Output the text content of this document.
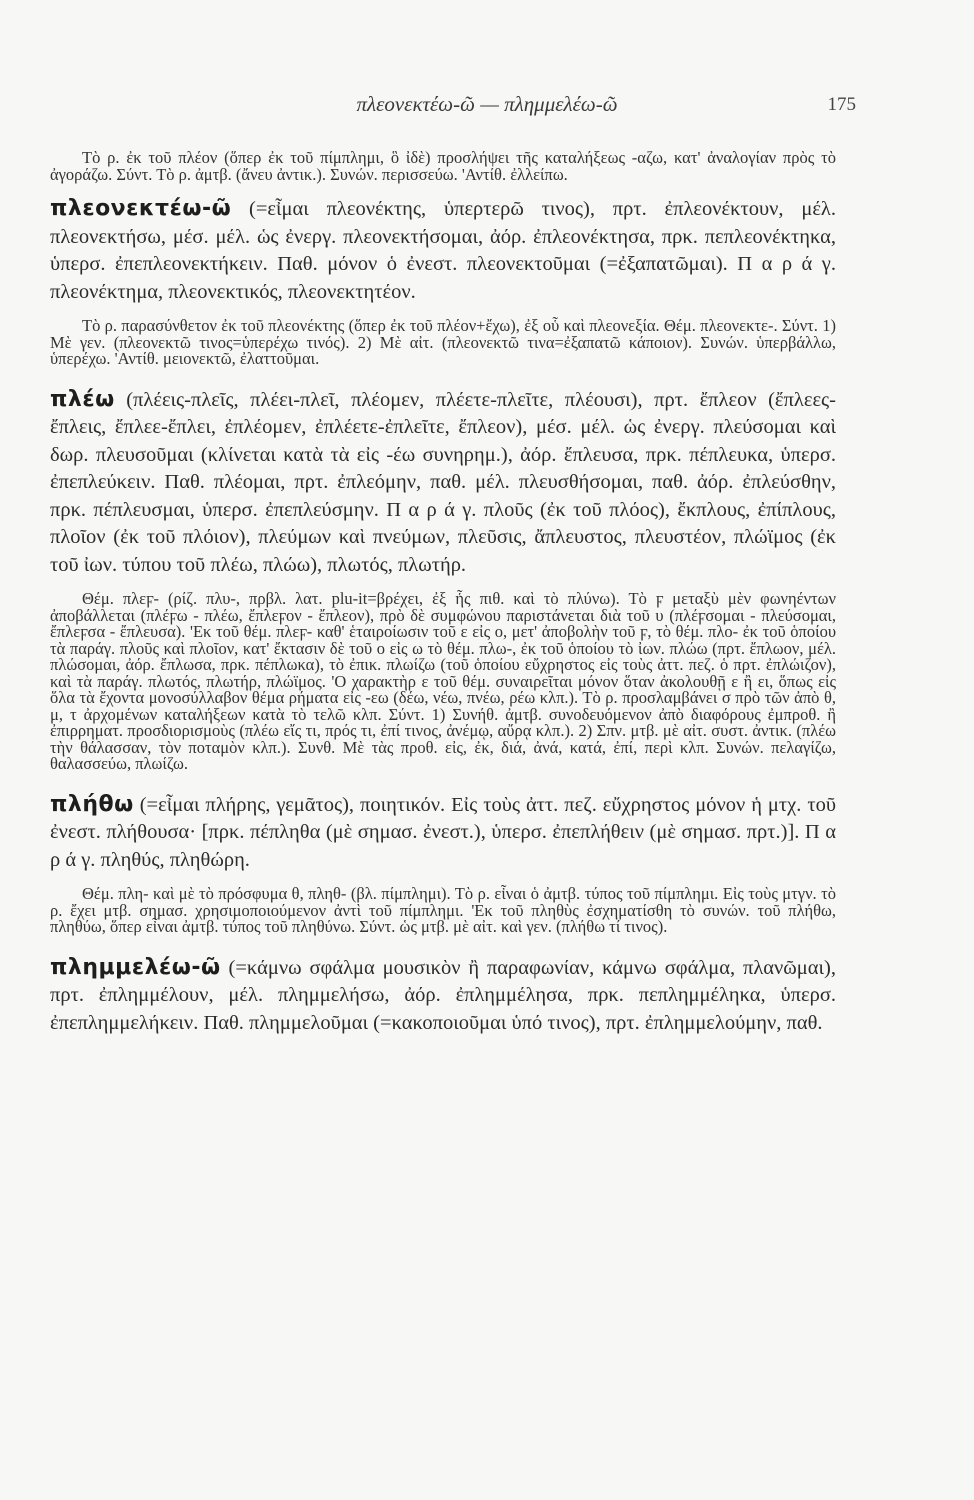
πλεονεκτέω-ῶ — πλημμελέω-ῶ	175

Τὸ ρ. ἐκ τοῦ πλέον (ὅπερ ἐκ τοῦ πίμπλημι, ὃ ἰδὲ) προσλήψει τῆς καταλήξεως -αζω, κατ' ἀναλογίαν πρὸς τὸ ἀγοράζω. Σύντ. Τὸ ρ. ἀμτβ. (ἄνευ ἀντικ.). Συνών. περισσεύω. 'Αντίθ. ἐλλείπω.

πλεονεκτέω-ῶ (=εἶμαι πλεονέκτης, ὑπερτερῶ τινος), πρτ. ἐπλεονέκτουν, μέλ. πλεονεκτήσω, μέσ. μέλ. ὡς ἐνεργ. πλεονεκτήσομαι, ἀόρ. ἐπλεονέκτησα, πρκ. πεπλεονέκτηκα, ὑπερσ. ἐπεπλεονεκτήκειν. Παθ. μόνον ὁ ἐνεστ. πλεονεκτοῦμαι (=ἐξαπατῶμαι). Π α ρ ά γ. πλεονέκτημα, πλεονεκτικός, πλεονεκτητέον.

Τὸ ρ. παρασύνθετον ἐκ τοῦ πλεονέκτης (ὅπερ ἐκ τοῦ πλέον+ἔχω), ἐξ οὗ καὶ πλεονεξία. Θέμ. πλεονεκτε-. Σύντ. 1) Μὲ γεν. (πλεονεκτῶ τινος=ὑπερέχω τινός). 2) Μὲ αἰτ. (πλεονεκτῶ τινα=ἐξαπατῶ κάποιον). Συνών. ὑπερβάλλω, ὑπερέχω. 'Αντίθ. μειονεκτῶ, ἐλαττοῦμαι.

πλέω (πλέεις-πλεῖς, πλέει-πλεῖ, πλέομεν, πλέετε-πλεῖτε, πλέουσι), πρτ. ἔπλεον (ἔπλεες-ἔπλεις, ἔπλεε-ἔπλει, ἐπλέομεν, ἐπλέετε-ἐπλεῖτε, ἔπλεον), μέσ. μέλ. ὡς ἐνεργ. πλεύσομαι καὶ δωρ. πλευσοῦμαι (κλίνεται κατὰ τὰ εἰς -έω συνηρημ.), ἀόρ. ἔπλευσα, πρκ. πέπλευκα, ὑπερσ. ἐπεπλεύκειν. Παθ. πλέομαι, πρτ. ἐπλεόμην, παθ. μέλ. πλευσθήσομαι, παθ. ἀόρ. ἐπλεύσθην, πρκ. πέπλευσμαι, ὑπερσ. ἐπεπλεύσμην. Π α ρ ά γ. πλοῦς (ἐκ τοῦ πλόος), ἔκπλους, ἐπίπλους, πλοῖον (ἐκ τοῦ πλόιον), πλεύμων καὶ πνεύμων, πλεῦσις, ἄπλευστος, πλευστέον, πλώϊμος (ἐκ τοῦ ἰων. τύπου τοῦ πλέω, πλώω), πλωτός, πλωτήρ.

Θέμ. πλεϝ- (ρίζ. πλυ-, πρβλ. λατ. plu-it=βρέχει, ἐξ ἧς πιθ. καὶ τὸ πλύνω). Τὸ ϝ μεταξὺ μὲν φωνηέντων ἀποβάλλεται (πλέϝω - πλέω, ἔπλεϝον - ἔπλεον), πρὸ δὲ συμφώνου παριστάνεται διὰ τοῦ υ (πλέϝσομαι - πλεύσομαι, ἔπλεϝσα - ἔπλευσα). 'Εκ τοῦ θέμ. πλεϝ- καθ' ἑταιροίωσιν τοῦ ε εἰς ο, μετ' ἀποβολὴν τοῦ ϝ, τὸ θέμ. πλο- ἐκ τοῦ ὁποίου τὰ παράγ. πλοῦς καὶ πλοῖον, κατ' ἔκτασιν δὲ τοῦ ο εἰς ω τὸ θέμ. πλω-, ἐκ τοῦ ὁποίου τὸ ἰων. πλώω (πρτ. ἔπλωον, μέλ. πλώσομαι, ἀόρ. ἔπλωσα, πρκ. πέπλωκα), τὸ ἐπικ. πλωίζω (τοῦ ὁποίου εὔχρηστος εἰς τοὺς ἀττ. πεζ. ὁ πρτ. ἐπλώιζον), καὶ τὰ παράγ. πλωτός, πλωτήρ, πλώϊμος. 'Ο χαρακτὴρ ε τοῦ θέμ. συναιρεῖται μόνον ὅταν ἀκολουθῇ ε ἢ ει, ὅπως εἰς ὅλα τὰ ἔχοντα μονοσύλλαβον θέμα ρήματα εἰς -εω (δέω, νέω, πνέω, ρέω κλπ.). Τὸ ρ. προσλαμβάνει σ πρὸ τῶν ἀπὸ θ, μ, τ ἀρχομένων καταλήξεων κατὰ τὸ τελῶ κλπ. Σύντ. 1) Συνήθ. ἀμτβ. συνοδευόμενον ἀπὸ διαφόρους ἐμπροθ. ἢ ἐπιρρηματ. προσδιορισμοὺς (πλέω εἴς τι, πρός τι, ἐπί τινος, ἀνέμῳ, αὔρᾳ κλπ.). 2) Σπν. μτβ. μὲ αἰτ. συστ. ἀντικ. (πλέω τὴν θάλασσαν, τὸν ποταμὸν κλπ.). Συνθ. Μὲ τὰς προθ. εἰς, ἐκ, διά, ἀνά, κατά, ἐπί, περὶ κλπ. Συνών. πελαγίζω, θαλασσεύω, πλωίζω.

πλήθω (=εἶμαι πλήρης, γεμᾶτος), ποιητικόν. Εἰς τοὺς ἀττ. πεζ. εὔχρηστος μόνον ἡ μτχ. τοῦ ἐνεστ. πλήθουσα· [πρκ. πέπληθα (μὲ σημασ. ἐνεστ.), ὑπερσ. ἐπεπλήθειν (μὲ σημασ. πρτ.)]. Π α ρ ά γ. πληθύς, πληθώρη.

Θέμ. πλη- καὶ μὲ τὸ πρόσφυμα θ, πληθ- (βλ. πίμπλημι). Τὸ ρ. εἶναι ὁ ἀμτβ. τύπος τοῦ πίμπλημι. Εἰς τοὺς μτγν. τὸ ρ. ἔχει μτβ. σημασ. χρησιμοποιούμενον ἀντὶ τοῦ πίμπλημι. 'Εκ τοῦ πληθὺς ἐσχηματίσθη τὸ συνών. τοῦ πλήθω, πληθύω, ὅπερ εἶναι ἀμτβ. τύπος τοῦ πληθύνω. Σύντ. ὡς μτβ. μὲ αἰτ. καὶ γεν. (πλήθω τί τινος).

πλημμελέω-ῶ (=κάμνω σφάλμα μουσικὸν ἢ παραφωνίαν, κάμνω σφάλμα, πλανῶμαι), πρτ. ἐπλημμέλουν, μέλ. πλημμελήσω, ἀόρ. ἐπλημμέλησα, πρκ. πεπλημμέληκα, ὑπερσ. ἐπεπλημμελήκειν. Παθ. πλημμελοῦμαι (=κακοποιοῦμαι ὑπό τινος), πρτ. ἐπλημμελούμην, παθ.
